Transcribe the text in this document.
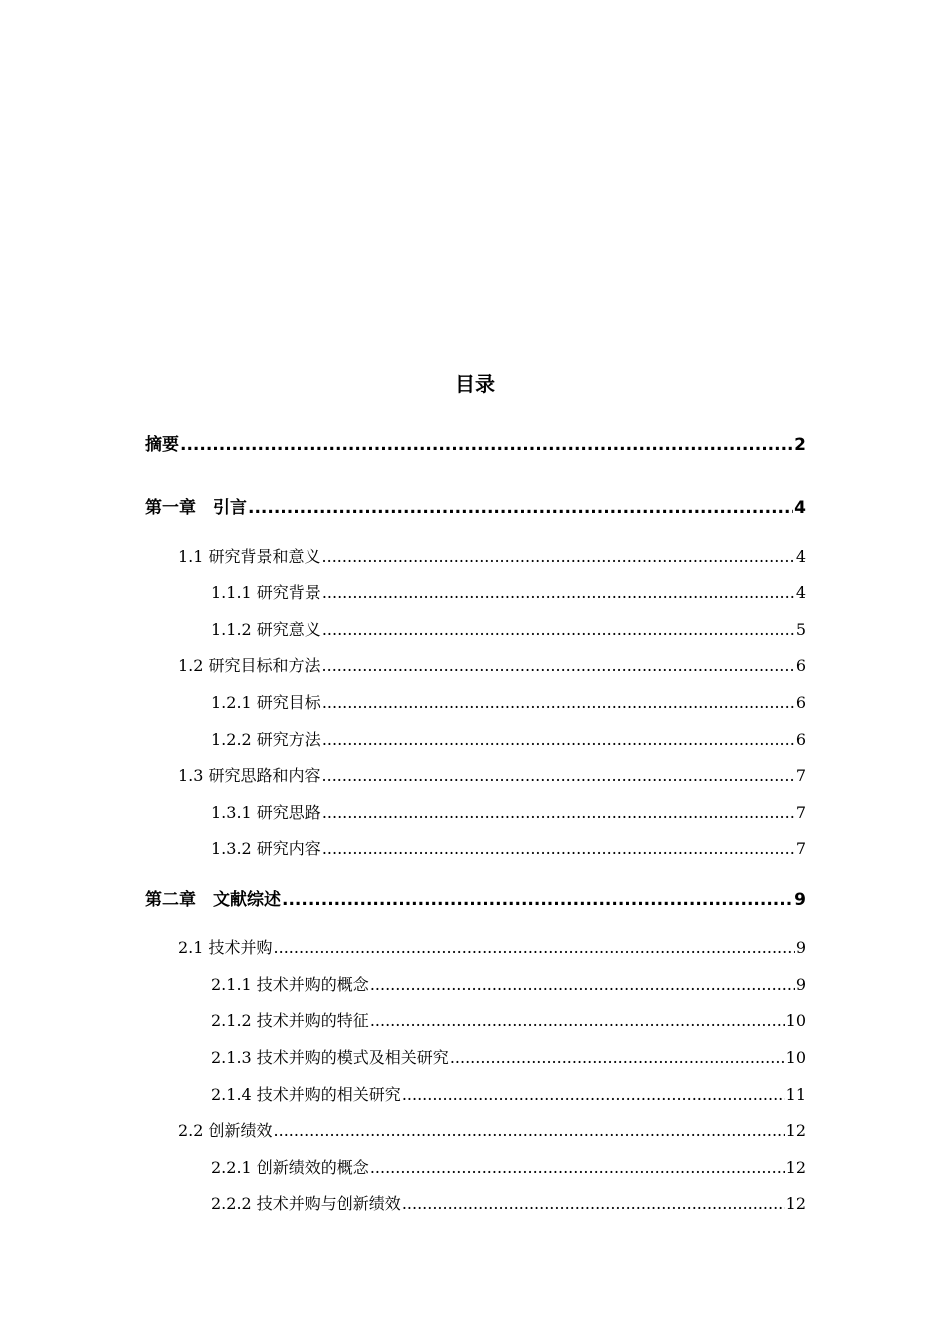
目录
摘要 .....	2
第一章　引言 .....	4
1.1 研究背景和意义 .....	4
1.1.1 研究背景 .....	4
1.1.2 研究意义 .....	5
1.2 研究目标和方法 .....	6
1.2.1 研究目标 .....	6
1.2.2 研究方法 .....	6
1.3 研究思路和内容 .....	7
1.3.1 研究思路 .....	7
1.3.2 研究内容 .....	7
第二章　文献综述 .....	9
2.1 技术并购 .....	9
2.1.1 技术并购的概念 .....	9
2.1.2 技术并购的特征 .....	10
2.1.3 技术并购的模式及相关研究 .....	10
2.1.4 技术并购的相关研究 .....	11
2.2 创新绩效 .....	12
2.2.1 创新绩效的概念 .....	12
2.2.2 技术并购与创新绩效 .....	12
